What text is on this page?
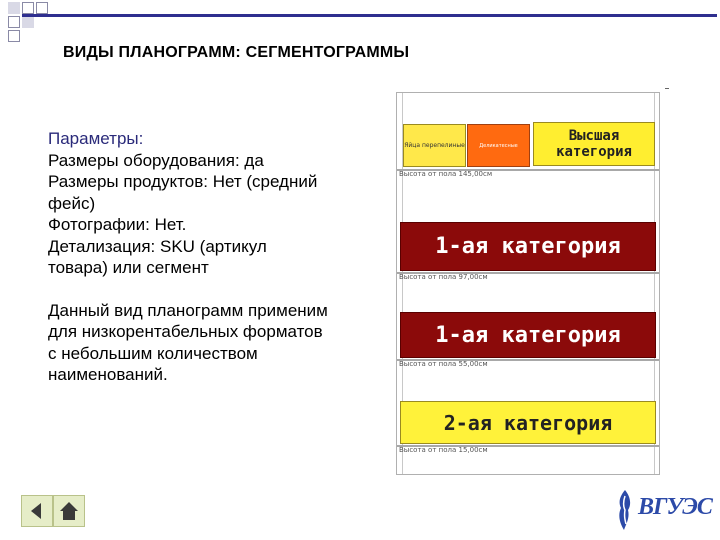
ВИДЫ ПЛАНОГРАММ: СЕГМЕНТОГРАММЫ
Параметры:
Размеры оборудования: да
Размеры продуктов: Нет (средний
фейс)
Фотографии: Нет.
Детализация: SKU (артикул
товара) или сегмент
Данный вид планограмм применим
для низкорентабельных форматов
с небольшим количеством
наименований.
Яйца перепелиные	Деликатесные
Высшая категория
Высота от пола 145,00см
1-ая категория
Высота от пола 97,00см
1-ая категория
Высота от пола 55,00см
2-ая категория
Высота от пола 15,00см
ВГУЭС
